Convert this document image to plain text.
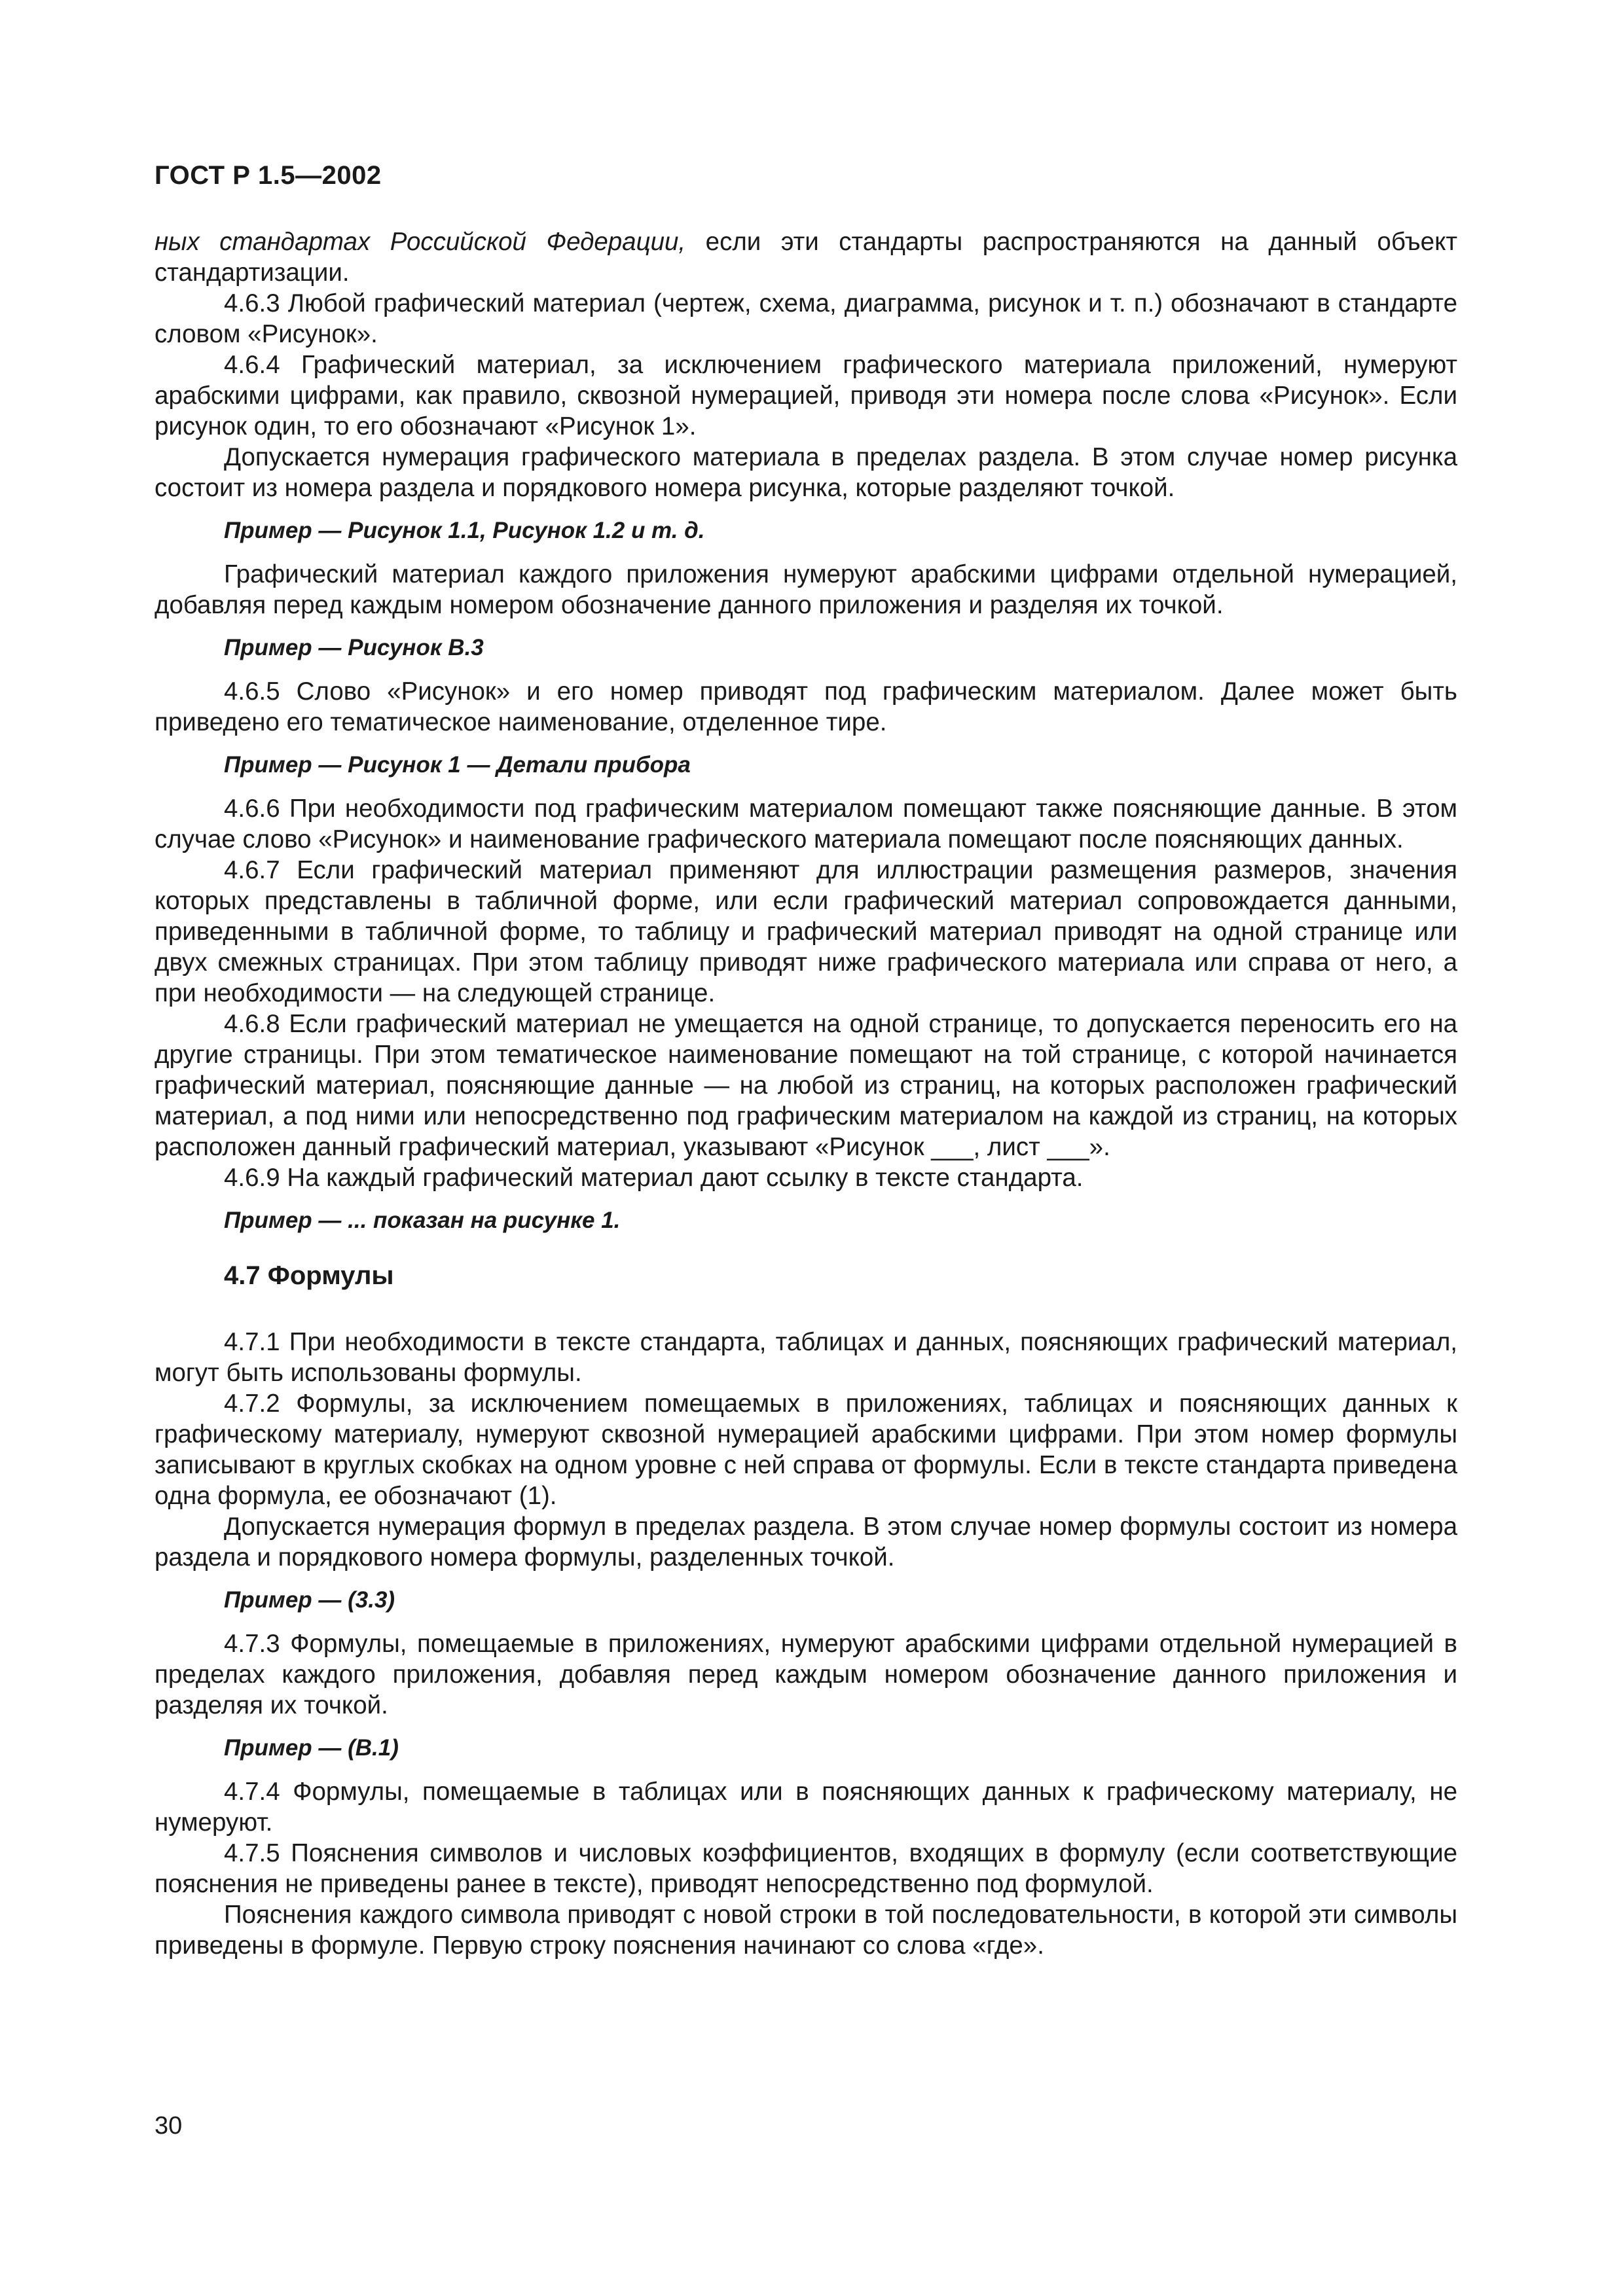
ГОСТ Р 1.5—2002

ных стандартах Российской Федерации, если эти стандарты распространяются на данный объект стандартизации.

4.6.3 Любой графический материал (чертеж, схема, диаграмма, рисунок и т. п.) обозначают в стандарте словом «Рисунок».

4.6.4 Графический материал, за исключением графического материала приложений, нумеруют арабскими цифрами, как правило, сквозной нумерацией, приводя эти номера после слова «Рисунок». Если рисунок один, то его обозначают «Рисунок 1».

Допускается нумерация графического материала в пределах раздела. В этом случае номер рисунка состоит из номера раздела и порядкового номера рисунка, которые разделяют точкой.

Пример — Рисунок 1.1, Рисунок 1.2 и т. д.

Графический материал каждого приложения нумеруют арабскими цифрами отдельной нумерацией, добавляя перед каждым номером обозначение данного приложения и разделяя их точкой.

Пример — Рисунок В.3

4.6.5 Слово «Рисунок» и его номер приводят под графическим материалом. Далее может быть приведено его тематическое наименование, отделенное тире.

Пример — Рисунок 1 — Детали прибора

4.6.6 При необходимости под графическим материалом помещают также поясняющие данные. В этом случае слово «Рисунок» и наименование графического материала помещают после поясняющих данных.

4.6.7 Если графический материал применяют для иллюстрации размещения размеров, значения которых представлены в табличной форме, или если графический материал сопровождается данными, приведенными в табличной форме, то таблицу и графический материал приводят на одной странице или двух смежных страницах. При этом таблицу приводят ниже графического материала или справа от него, а при необходимости — на следующей странице.

4.6.8 Если графический материал не умещается на одной странице, то допускается переносить его на другие страницы. При этом тематическое наименование помещают на той странице, с которой начинается графический материал, поясняющие данные — на любой из страниц, на которых расположен графический материал, а под ними или непосредственно под графическим материалом на каждой из страниц, на которых расположен данный графический материал, указывают «Рисунок ___, лист ___».

4.6.9 На каждый графический материал дают ссылку в тексте стандарта.

Пример — ... показан на рисунке 1.

4.7 Формулы

4.7.1 При необходимости в тексте стандарта, таблицах и данных, поясняющих графический материал, могут быть использованы формулы.

4.7.2 Формулы, за исключением помещаемых в приложениях, таблицах и поясняющих данных к графическому материалу, нумеруют сквозной нумерацией арабскими цифрами. При этом номер формулы записывают в круглых скобках на одном уровне с ней справа от формулы. Если в тексте стандарта приведена одна формула, ее обозначают (1).

Допускается нумерация формул в пределах раздела. В этом случае номер формулы состоит из номера раздела и порядкового номера формулы, разделенных точкой.

Пример — (3.3)

4.7.3 Формулы, помещаемые в приложениях, нумеруют арабскими цифрами отдельной нумерацией в пределах каждого приложения, добавляя перед каждым номером обозначение данного приложения и разделяя их точкой.

Пример — (В.1)

4.7.4 Формулы, помещаемые в таблицах или в поясняющих данных к графическому материалу, не нумеруют.

4.7.5 Пояснения символов и числовых коэффициентов, входящих в формулу (если соответствующие пояснения не приведены ранее в тексте), приводят непосредственно под формулой.

Пояснения каждого символа приводят с новой строки в той последовательности, в которой эти символы приведены в формуле. Первую строку пояснения начинают со слова «где».

30
